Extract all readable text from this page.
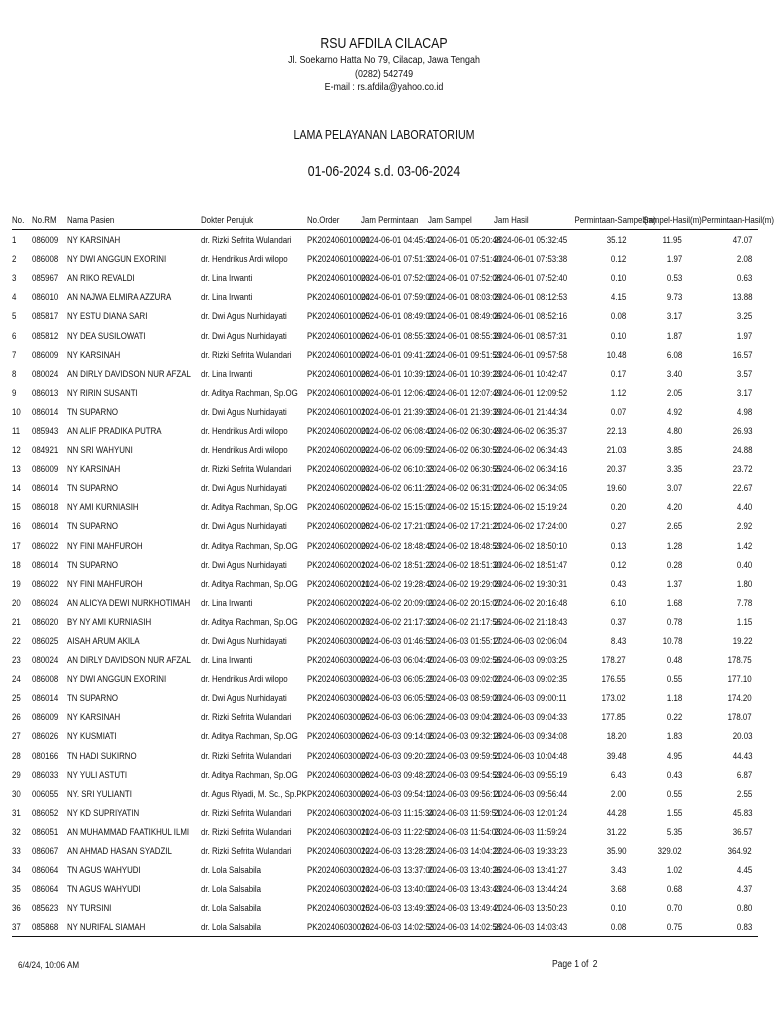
RSU AFDILA CILACAP
Jl. Soekarno Hatta No 79, Cilacap, Jawa Tengah
(0282) 542749
E-mail : rs.afdila@yahoo.co.id
LAMA PELAYANAN LABORATORIUM
01-06-2024 s.d. 03-06-2024
No.	No.RM	Nama Pasien	Dokter Perujuk	No.Order	Jam Permintaan	Jam Sampel	Jam Hasil	Permintaan-Sampel(m)	Sampel-Hasil(m)	Permintaan-Hasil(m)
1	086009	NY KARSINAH	dr. Rizki Sefrita Wulandari	PK202406010001	2024-06-01 04:45:41	2024-06-01 05:20:48	2024-06-01 05:32:45	35.12	11.95	47.07
2	086008	NY DWI ANGGUN EXORINI	dr. Hendrikus Ardi wilopo	PK202406010002	2024-06-01 07:51:33	2024-06-01 07:51:40	2024-06-01 07:53:38	0.12	1.97	2.08
3	085967	AN RIKO REVALDI	dr. Lina Irwanti	PK202406010003	2024-06-01 07:52:02	2024-06-01 07:52:08	2024-06-01 07:52:40	0.10	0.53	0.63
4	086010	AN NAJWA ELMIRA AZZURA	dr. Lina Irwanti	PK202406010004	2024-06-01 07:59:00	2024-06-01 08:03:09	2024-06-01 08:12:53	4.15	9.73	13.88
5	085817	NY ESTU DIANA SARI	dr. Dwi Agus Nurhidayati	PK202406010005	2024-06-01 08:49:01	2024-06-01 08:49:06	2024-06-01 08:52:16	0.08	3.17	3.25
6	085812	NY DEA SUSILOWATI	dr. Dwi Agus Nurhidayati	PK202406010006	2024-06-01 08:55:33	2024-06-01 08:55:39	2024-06-01 08:57:31	0.10	1.87	1.97
7	086009	NY KARSINAH	dr. Rizki Sefrita Wulandari	PK202406010007	2024-06-01 09:41:24	2024-06-01 09:51:53	2024-06-01 09:57:58	10.48	6.08	16.57
8	080024	AN DIRLY DAVIDSON NUR AFZAL	dr. Lina Irwanti	PK202406010008	2024-06-01 10:39:13	2024-06-01 10:39:23	2024-06-01 10:42:47	0.17	3.40	3.57
9	086013	NY RIRIN SUSANTI	dr. Aditya Rachman, Sp.OG	PK202406010009	2024-06-01 12:06:42	2024-06-01 12:07:49	2024-06-01 12:09:52	1.12	2.05	3.17
10	086014	TN SUPARNO	dr. Dwi Agus Nurhidayati	PK202406010010	2024-06-01 21:39:35	2024-06-01 21:39:39	2024-06-01 21:44:34	0.07	4.92	4.98
11	085943	AN ALIF PRADIKA PUTRA	dr. Hendrikus Ardi wilopo	PK202406020001	2024-06-02 06:08:41	2024-06-02 06:30:49	2024-06-02 06:35:37	22.13	4.80	26.93
12	084921	NN SRI WAHYUNI	dr. Hendrikus Ardi wilopo	PK202406020002	2024-06-02 06:09:50	2024-06-02 06:30:52	2024-06-02 06:34:43	21.03	3.85	24.88
13	086009	NY KARSINAH	dr. Rizki Sefrita Wulandari	PK202406020003	2024-06-02 06:10:33	2024-06-02 06:30:55	2024-06-02 06:34:16	20.37	3.35	23.72
14	086014	TN SUPARNO	dr. Dwi Agus Nurhidayati	PK202406020004	2024-06-02 06:11:25	2024-06-02 06:31:01	2024-06-02 06:34:05	19.60	3.07	22.67
15	086018	NY AMI KURNIASIH	dr. Aditya Rachman, Sp.OG	PK202406020005	2024-06-02 15:15:00	2024-06-02 15:15:12	2024-06-02 15:19:24	0.20	4.20	4.40
16	086014	TN SUPARNO	dr. Dwi Agus Nurhidayati	PK202406020008	2024-06-02 17:21:05	2024-06-02 17:21:21	2024-06-02 17:24:00	0.27	2.65	2.92
17	086022	NY FINI MAHFUROH	dr. Aditya Rachman, Sp.OG	PK202406020009	2024-06-02 18:48:45	2024-06-02 18:48:53	2024-06-02 18:50:10	0.13	1.28	1.42
18	086014	TN SUPARNO	dr. Dwi Agus Nurhidayati	PK202406020010	2024-06-02 18:51:23	2024-06-02 18:51:30	2024-06-02 18:51:47	0.12	0.28	0.40
19	086022	NY FINI MAHFUROH	dr. Aditya Rachman, Sp.OG	PK202406020011	2024-06-02 19:28:43	2024-06-02 19:29:09	2024-06-02 19:30:31	0.43	1.37	1.80
20	086024	AN ALICYA DEWI NURKHOTIMAH	dr. Lina Irwanti	PK202406020012	2024-06-02 20:09:01	2024-06-02 20:15:07	2024-06-02 20:16:48	6.10	1.68	7.78
21	086020	BY NY AMI KURNIASIH	dr. Aditya Rachman, Sp.OG	PK202406020013	2024-06-02 21:17:34	2024-06-02 21:17:56	2024-06-02 21:18:43	0.37	0.78	1.15
22	086025	AISAH ARUM AKILA	dr. Dwi Agus Nurhidayati	PK202406030001	2024-06-03 01:46:51	2024-06-03 01:55:17	2024-06-03 02:06:04	8.43	10.78	19.22
23	080024	AN DIRLY DAVIDSON NUR AFZAL	dr. Lina Irwanti	PK202406030002	2024-06-03 06:04:40	2024-06-03 09:02:56	2024-06-03 09:03:25	178.27	0.48	178.75
24	086008	NY DWI ANGGUN EXORINI	dr. Hendrikus Ardi wilopo	PK202406030003	2024-06-03 06:05:29	2024-06-03 09:02:02	2024-06-03 09:02:35	176.55	0.55	177.10
25	086014	TN SUPARNO	dr. Dwi Agus Nurhidayati	PK202406030004	2024-06-03 06:05:59	2024-06-03 08:59:00	2024-06-03 09:00:11	173.02	1.18	174.20
26	086009	NY KARSINAH	dr. Rizki Sefrita Wulandari	PK202406030005	2024-06-03 06:06:29	2024-06-03 09:04:20	2024-06-03 09:04:33	177.85	0.22	178.07
27	086026	NY KUSMIATI	dr. Aditya Rachman, Sp.OG	PK202406030006	2024-06-03 09:14:06	2024-06-03 09:32:18	2024-06-03 09:34:08	18.20	1.83	20.03
28	080166	TN HADI SUKIRNO	dr. Rizki Sefrita Wulandari	PK202406030007	2024-06-03 09:20:22	2024-06-03 09:59:51	2024-06-03 10:04:48	39.48	4.95	44.43
29	086033	NY YULI ASTUTI	dr. Aditya Rachman, Sp.OG	PK202406030008	2024-06-03 09:48:27	2024-06-03 09:54:53	2024-06-03 09:55:19	6.43	0.43	6.87
30	006055	NY. SRI YULIANTI	dr. Agus Riyadi, M. Sc., Sp.PK	PK202406030009	2024-06-03 09:54:11	2024-06-03 09:56:11	2024-06-03 09:56:44	2.00	0.55	2.55
31	086052	NY KD SUPRIYATIN	dr. Rizki Sefrita Wulandari	PK202406030010	2024-06-03 11:15:34	2024-06-03 11:59:51	2024-06-03 12:01:24	44.28	1.55	45.83
32	086051	AN MUHAMMAD FAATIKHUL ILMI	dr. Rizki Sefrita Wulandari	PK202406030011	2024-06-03 11:22:50	2024-06-03 11:54:03	2024-06-03 11:59:24	31.22	5.35	36.57
33	086067	AN AHMAD HASAN SYADZIL	dr. Rizki Sefrita Wulandari	PK202406030012	2024-06-03 13:28:28	2024-06-03 14:04:22	2024-06-03 19:33:23	35.90	329.02	364.92
34	086064	TN AGUS WAHYUDI	dr. Lola Salsabila	PK202406030013	2024-06-03 13:37:00	2024-06-03 13:40:26	2024-06-03 13:41:27	3.43	1.02	4.45
35	086064	TN AGUS WAHYUDI	dr. Lola Salsabila	PK202406030014	2024-06-03 13:40:02	2024-06-03 13:43:43	2024-06-03 13:44:24	3.68	0.68	4.37
36	085623	NY TURSINI	dr. Lola Salsabila	PK202406030015	2024-06-03 13:49:35	2024-06-03 13:49:41	2024-06-03 13:50:23	0.10	0.70	0.80
37	085868	NY NURIFAL SIAMAH	dr. Lola Salsabila	PK202406030016	2024-06-03 14:02:53	2024-06-03 14:02:58	2024-06-03 14:03:43	0.08	0.75	0.83
6/4/24, 10:06 AM	Page 1 of 2
